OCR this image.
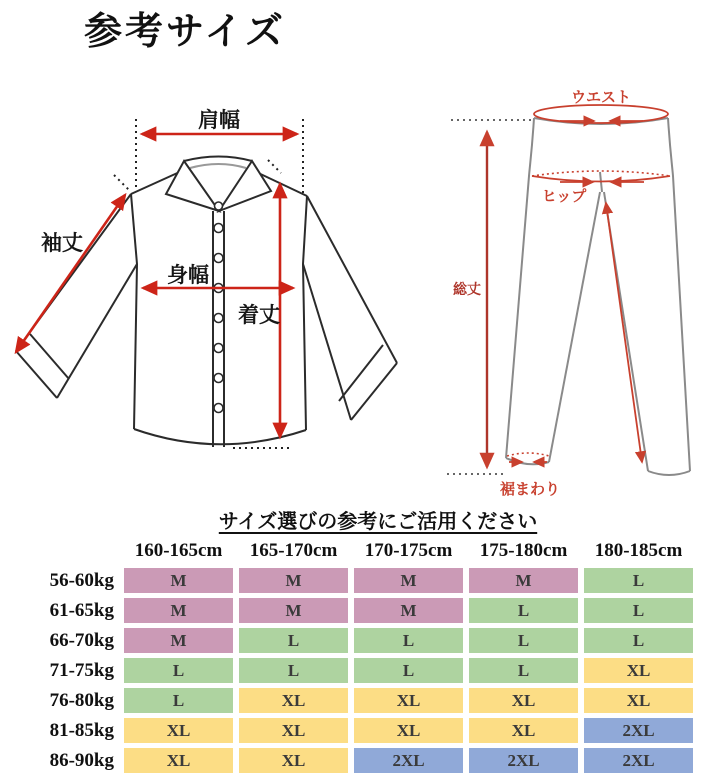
参考サイズ
肩幅
袖丈
身幅
着丈
ウエスト
ヒップ
総丈
裾まわり
サイズ選びの参考にご活用ください
	160-165cm	165-170cm	170-175cm	175-180cm	180-185cm
56-60kg	M	M	M	M	L
61-65kg	M	M	M	L	L
66-70kg	M	L	L	L	L
71-75kg	L	L	L	L	XL
76-80kg	L	XL	XL	XL	XL
81-85kg	XL	XL	XL	XL	2XL
86-90kg	XL	XL	2XL	2XL	2XL
